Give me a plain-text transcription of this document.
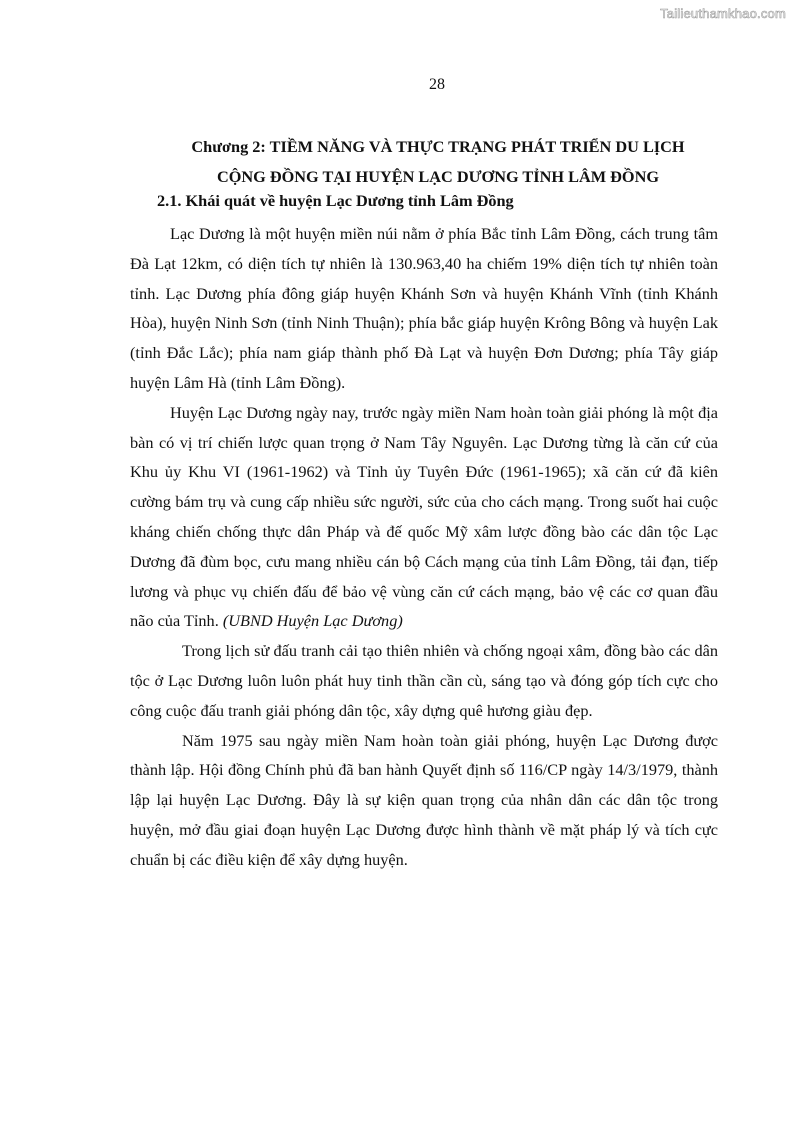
Tailieuthamkhao.com
28
Chương 2: TIỀM NĂNG VÀ THỰC TRẠNG PHÁT TRIỂN DU LỊCH
CỘNG ĐỒNG TẠI HUYỆN LẠC DƯƠNG TỈNH LÂM ĐỒNG
2.1. Khái quát về huyện Lạc Dương tỉnh Lâm Đồng

Lạc Dương là một huyện miền núi nằm ở phía Bắc tỉnh Lâm Đồng, cách trung tâm Đà Lạt 12km, có diện tích tự nhiên là 130.963,40 ha chiếm 19% diện tích tự nhiên toàn tỉnh. Lạc Dương phía đông giáp huyện Khánh Sơn và huyện Khánh Vĩnh (tỉnh Khánh Hòa), huyện Ninh Sơn (tỉnh Ninh Thuận); phía bắc giáp huyện Krông Bông và huyện Lak (tỉnh Đắc Lắc); phía nam giáp thành phố Đà Lạt và huyện Đơn Dương; phía Tây giáp huyện Lâm Hà (tỉnh Lâm Đồng).

Huyện Lạc Dương ngày nay, trước ngày miền Nam hoàn toàn giải phóng là một địa bàn có vị trí chiến lược quan trọng ở Nam Tây Nguyên. Lạc Dương từng là căn cứ của Khu ủy Khu VI (1961-1962) và Tỉnh ủy Tuyên Đức (1961-1965); xã căn cứ đã kiên cường bám trụ và cung cấp nhiều sức người, sức của cho cách mạng. Trong suốt hai cuộc kháng chiến chống thực dân Pháp và đế quốc Mỹ xâm lược đồng bào các dân tộc Lạc Dương đã đùm bọc, cưu mang nhiều cán bộ Cách mạng của tỉnh Lâm Đồng, tải đạn, tiếp lương và phục vụ chiến đấu để bảo vệ vùng căn cứ cách mạng, bảo vệ các cơ quan đầu não của Tỉnh. (UBND Huyện Lạc Dương)

Trong lịch sử đấu tranh cải tạo thiên nhiên và chống ngoại xâm, đồng bào các dân tộc ở Lạc Dương luôn luôn phát huy tinh thần cần cù, sáng tạo và đóng góp tích cực cho công cuộc đấu tranh giải phóng dân tộc, xây dựng quê hương giàu đẹp.

Năm 1975 sau ngày miền Nam hoàn toàn giải phóng, huyện Lạc Dương được thành lập. Hội đồng Chính phủ đã ban hành Quyết định số 116/CP ngày 14/3/1979, thành lập lại huyện Lạc Dương. Đây là sự kiện quan trọng của nhân dân các dân tộc trong huyện, mở đầu giai đoạn huyện Lạc Dương được hình thành về mặt pháp lý và tích cực chuẩn bị các điều kiện để xây dựng huyện.
